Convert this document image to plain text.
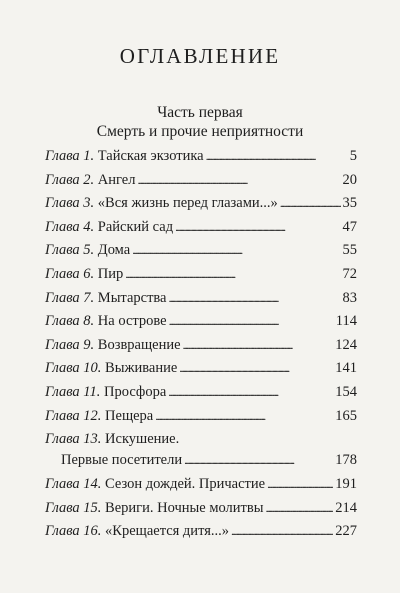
ОГЛАВЛЕНИЕ
Часть первая
Смерть и прочие неприятности
Глава 1. Тайская экзотика . . .	5
Глава 2. Ангел . . .	20
Глава 3. «Вся жизнь перед глазами...» . . .	35
Глава 4. Райский сад . . .	47
Глава 5. Дома . . .	55
Глава 6. Пир . . .	72
Глава 7. Мытарства . . .	83
Глава 8. На острове . . .	114
Глава 9. Возвращение . . .	124
Глава 10. Выживание . . .	141
Глава 11. Просфора . . .	154
Глава 12. Пещера . . .	165
Глава 13. Искушение.
Первые посетители . . .	178
Глава 14. Сезон дождей. Причастие . . .	191
Глава 15. Вериги. Ночные молитвы . . .	214
Глава 16. «Крещается дитя...» . . .	227
